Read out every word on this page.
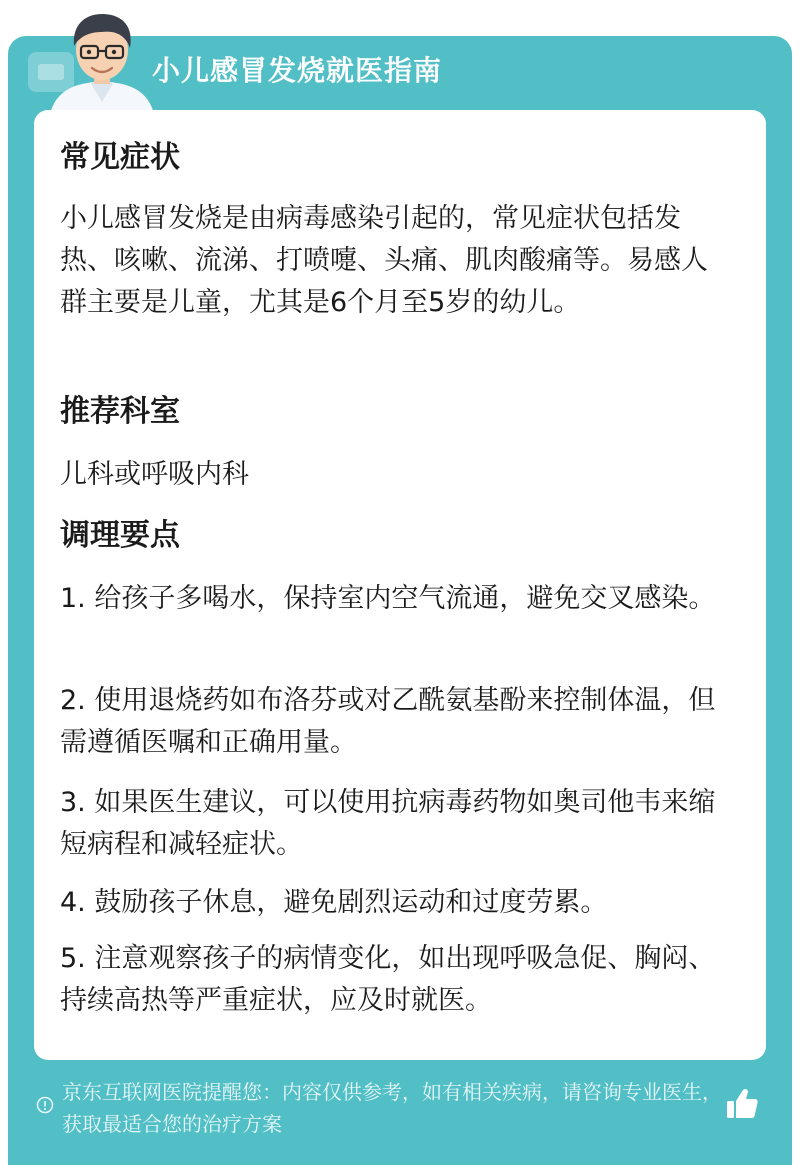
小儿感冒发烧就医指南
常见症状
小儿感冒发烧是由病毒感染引起的，常见症状包括发热、咳嗽、流涕、打喷嚏、头痛、肌肉酸痛等。易感人群主要是儿童，尤其是6个月至5岁的幼儿。
推荐科室
儿科或呼吸内科
调理要点
1. 给孩子多喝水，保持室内空气流通，避免交叉感染。
2. 使用退烧药如布洛芬或对乙酰氨基酚来控制体温，但需遵循医嘱和正确用量。
3. 如果医生建议，可以使用抗病毒药物如奥司他韦来缩短病程和减轻症状。
4. 鼓励孩子休息，避免剧烈运动和过度劳累。
5. 注意观察孩子的病情变化，如出现呼吸急促、胸闷、持续高热等严重症状，应及时就医。
京东互联网医院提醒您：内容仅供参考，如有相关疾病，请咨询专业医生，获取最适合您的治疗方案
